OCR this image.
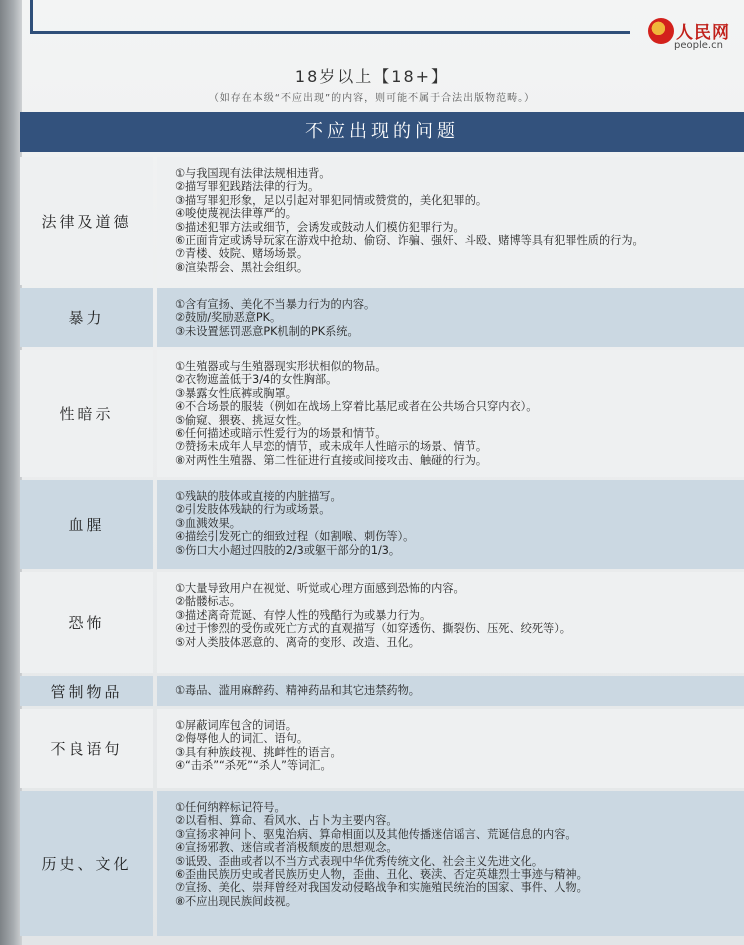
人民网
people.cn
18岁以上【18+】
（如存在本级“不应出现”的内容，则可能不属于合法出版物范畴。）
不应出现的问题
法律及道德
①与我国现有法律法规相违背。
②描写罪犯践踏法律的行为。
③描写罪犯形象，足以引起对罪犯同情或赞赏的，美化犯罪的。
④唆使蔑视法律尊严的。
⑤描述犯罪方法或细节，会诱发或鼓动人们模仿犯罪行为。
⑥正面肯定或诱导玩家在游戏中抢劫、偷窃、诈骗、强奸、斗殴、赌博等具有犯罪性质的行为。
⑦青楼、妓院、赌场场景。
⑧渲染帮会、黑社会组织。
暴力
①含有宣扬、美化不当暴力行为的内容。
②鼓励/奖励恶意PK。
③未设置惩罚恶意PK机制的PK系统。
性暗示
①生殖器或与生殖器现实形状相似的物品。
②衣物遮盖低于3/4的女性胸部。
③暴露女性底裤或胸罩。
④不合场景的服装（例如在战场上穿着比基尼或者在公共场合只穿内衣）。
⑤偷窥、猥亵、挑逗女性。
⑥任何描述或暗示性爱行为的场景和情节。
⑦赞扬未成年人早恋的情节，或未成年人性暗示的场景、情节。
⑧对两性生殖器、第二性征进行直接或间接攻击、触碰的行为。
血腥
①残缺的肢体或直接的内脏描写。
②引发肢体残缺的行为或场景。
③血溅效果。
④描绘引发死亡的细致过程（如割喉、刺伤等）。
⑤伤口大小超过四肢的2/3或躯干部分的1/3。
恐怖
①大量导致用户在视觉、听觉或心理方面感到恐怖的内容。
②骷髅标志。
③描述离奇荒诞、有悖人性的残酷行为或暴力行为。
④过于惨烈的受伤或死亡方式的直观描写（如穿透伤、撕裂伤、压死、绞死等）。
⑤对人类肢体恶意的、离奇的变形、改造、丑化。
管制物品	①毒品、滥用麻醉药、精神药品和其它违禁药物。
不良语句
①屏蔽词库包含的词语。
②侮辱他人的词汇、语句。
③具有种族歧视、挑衅性的语言。
④“击杀”“杀死”“杀人”等词汇。
历史、文化
①任何纳粹标记符号。
②以看相、算命、看风水、占卜为主要内容。
③宣扬求神问卜、驱鬼治病、算命相面以及其他传播迷信谣言、荒诞信息的内容。
④宣扬邪教、迷信或者消极颓废的思想观念。
⑤诋毁、歪曲或者以不当方式表现中华优秀传统文化、社会主义先进文化。
⑥歪曲民族历史或者民族历史人物，歪曲、丑化、亵渎、否定英雄烈士事迹与精神。
⑦宣扬、美化、崇拜曾经对我国发动侵略战争和实施殖民统治的国家、事件、人物。
⑧不应出现民族间歧视。
